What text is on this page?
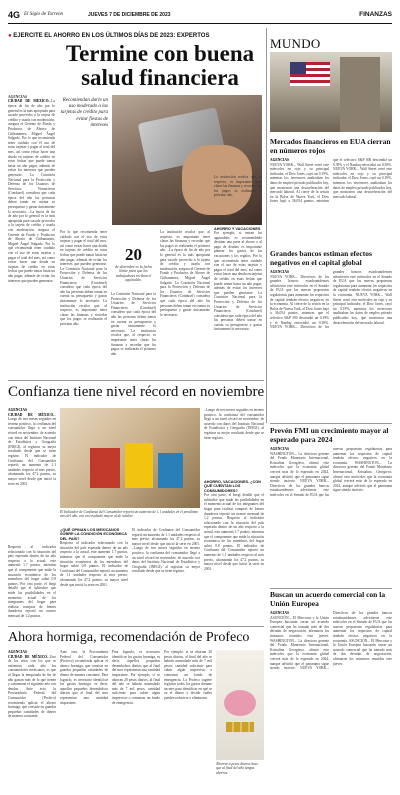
4G El Siglo de Torreón	JUEVES 7 DE DICIEMBRE DE 2023	FINANZAS
● EJERCITE EL AHORRO EN LOS ÚLTIMOS DÍAS DE 2023: EXPERTOS
Termine con buena salud financiera
AGENCIAS
CIUDAD DE MÉXICO.–La época de fin de año por lo general es la más apropiada para sacarle provecho a la tarjeta de crédito y usarla con moderación, asegura el Gerente de Fondo y Productos de Ahorro de Citibanamex, Miguel Ángel Salgado. Por lo que recomienda tener cuidado con el uso de estas tarjetas y pagar el total del mes, así como evitar hacer una deuda en tarjetas de crédito en estas fechas que puede tomar hasta un año pagar, además de evitar los intereses que pueden generarse. La Comisión Nacional para la Protección y Defensa de los Usuarios de Servicios Financieros (Condusef) considera que cada época del año las personas deben tomar en cuenta su presupuesto y gastar únicamente lo necesario. –La época de fin de año por lo general es la más apropiada para sacarle provecho a la tarjeta de crédito y usarla con moderación, asegura el Gerente de Fondo y Productos de Ahorro de Citibanamex, Miguel Ángel Salgado. Por lo que recomienda tener cuidado con el uso de estas tarjetas y pagar el total del mes, así como evitar hacer una deuda en tarjetas de crédito en estas fechas que puede tomar hasta un año pagar, además de evitar los intereses que pueden generarse.
Recomiendan darle un uso moderado a las tarjetas de crédito para evitar fiestas de intereses
Por lo que recomienda tener cuidado con el uso de estas tarjetas y pagar el total del mes, así como evitar hacer una deuda en tarjetas de crédito en estas fechas que puede tomar hasta un año pagar, además de evitar los intereses que pueden generarse. La Comisión Nacional para la Protección y Defensa de los Usuarios de Servicios Financieros (Condusef) considera que cada época del año las personas deben tomar en cuenta su presupuesto y gastar únicamente lo necesario. La institución recalca que, al respecto, es importante tener claras las finanzas y recordar que los pagos se realizarán el próximo año.
20
de diciembre es la fecha límite para que los trabajadores reciban el aguinaldo.
La Comisión Nacional para la Protección y Defensa de los Usuarios de Servicios Financieros (Condusef) considera que cada época del año las personas deben tomar en cuenta su presupuesto y gastar únicamente lo necesario. La institución recalca que, al respecto, es importante tener claras las finanzas y recordar que los pagos se realizarán el próximo año.
La institución recalca que, al respecto, es importante tener claras las finanzas y recordar que los pagos se realizarán el próximo año. –La época de fin de año por lo general es la más apropiada para sacarle provecho a la tarjeta de crédito y usarla con moderación, asegura el Gerente de Fondo y Productos de Ahorro de Citibanamex, Miguel Ángel Salgado. La Comisión Nacional para la Protección y Defensa de los Usuarios de Servicios Financieros (Condusef) considera que cada época del año las personas deben tomar en cuenta su presupuesto y gastar únicamente lo necesario.
La institución recalca que, al respecto, es importante tener claras las finanzas y recordar que los pagos se realizarán el próximo año.
AHORRO Y VACACIONES
Por ejemplo, si entran los aguinaldos, es recomendable destinar una parte al ahorro o al pago de deudas; es importante planear los gastos de las vacaciones y los regalos. Por lo que recomienda tener cuidado con el uso de estas tarjetas y pagar el total del mes, así como evitar hacer una deuda en tarjetas de crédito en estas fechas que puede tomar hasta un año pagar, además de evitar los intereses que pueden generarse. La Comisión Nacional para la Protección y Defensa de los Usuarios de Servicios Financieros (Condusef) considera que cada época del año las personas deben tomar en cuenta su presupuesto y gastar únicamente lo necesario.
MUNDO
Mercados financieros en EUA cierran en números rojos
AGENCIAS
NUEVA YORK.– Wall Street cerró este miércoles en rojo y su principal indicador, el Dow Jones, cayó un 0.19%, mientras los inversores analizaban los datos de empleo privado publicados hoy, que mostraron una desaceleración del mercado laboral. Al cierre de la sesión en la Bolsa de Nueva York, el Dow Jones bajó a 36,054 puntos, mientras que el selectivo S&P 500 descendió un 0.39% y el Nasdaq retrocedió un 0.58%. NUEVA YORK.– Wall Street cerró este miércoles en rojo y su principal indicador, el Dow Jones, cayó un 0.19%, mientras los inversores analizaban los datos de empleo privado publicados hoy, que mostraron una desaceleración del mercado laboral.
Grandes bancos estiman efectos negativos en el capital global
AGENCIAS
NUEVA YORK.– Directivos de los grandes bancos estadounidenses advirtieron este miércoles en el Senado de EUA que las nuevas propuestas regulatorias para aumentar los requisitos de capital tendrán efectos negativos en la economía. Al cierre de la sesión en la Bolsa de Nueva York, el Dow Jones bajó a 36,054 puntos, mientras que el selectivo S&P 500 descendió un 0.39% y el Nasdaq retrocedió un 0.58%. NUEVA YORK.– Directivos de los grandes bancos estadounidenses advirtieron este miércoles en el Senado de EUA que las nuevas propuestas regulatorias para aumentar los requisitos de capital tendrán efectos negativos en la economía. NUEVA YORK.– Wall Street cerró este miércoles en rojo y su principal indicador, el Dow Jones, cayó un 0.19%, mientras los inversores analizaban los datos de empleo privado publicados hoy, que mostraron una desaceleración del mercado laboral.
Confianza tiene nivel récord en noviembre
AGENCIAS
CIUDAD DE MÉXICO.–Luego de tres meses seguidos en terreno positivo, la confianza del consumidor llegó a un nivel récord en noviembre, de acuerdo con datos del Instituto Nacional de Estadística y Geografía (INEGI), al registrar su mejor resultado desde que se tiene registro. El indicador de Confianza del Consumidor reportó un aumento de 1.1 unidades respecto al mes previo, alcanzando los 47.2 puntos, su mayor nivel desde que inició la serie en 2001.
El Indicador de Confianza del Consumidor reportó un aumento de 1.1 unidades en el penúltimo mes del año, con un resultado mayor al de octubre.
¿QUÉ OPINAN LOS MEXICANOS SOBRE LA CONDICIÓN ECONÓMICA DEL PAÍS?
Respecto al indicador relacionado con la situación del país esperada dentro de un año respecto a la actual, este aumentó 1.7 puntos, mientras que el componente que mide la situación económica de los miembros del hogar subió 0.8 puntos. El indicador de Confianza del Consumidor reportó un aumento de 1.1 unidades respecto al mes previo, alcanzando los 47.2 puntos, su mayor nivel desde que inició la serie en 2001.
El indicador de Confianza del Consumidor reportó un aumento de 1.1 unidades respecto al mes previo, alcanzando los 47.2 puntos, su mayor nivel desde que inició la serie en 2001. –Luego de tres meses seguidos en terreno positivo, la confianza del consumidor llegó a un nivel récord en noviembre, de acuerdo con datos del Instituto Nacional de Estadística y Geografía (INEGI), al registrar su mejor resultado desde que se tiene registro.
–Luego de tres meses seguidos en terreno positivo, la confianza del consumidor llegó a un nivel récord en noviembre, de acuerdo con datos del Instituto Nacional de Estadística y Geografía (INEGI), al registrar su mejor resultado desde que se tiene registro.
AHORRO, VACACIONES. ¿CON QUÉ CUENTAN LOS CONSUMIDORES?
Por otra parte, el Inegi detalló que el subíndice que mide las posibilidades en el momento actual de los integrantes del hogar para realizar compras de bienes duraderos reportó un avance mensual de 1.2 puntos. Respecto al indicador relacionado con la situación del país esperada dentro de un año respecto a la actual, este aumentó 1.7 puntos, mientras que el componente que mide la situación económica de los miembros del hogar subió 0.8 puntos. El indicador de Confianza del Consumidor reportó un aumento de 1.1 unidades respecto al mes previo, alcanzando los 47.2 puntos, su mayor nivel desde que inició la serie en 2001.
Respecto al indicador relacionado con la situación del país esperada dentro de un año respecto a la actual, este aumentó 1.7 puntos, mientras que el componente que mide la situación económica de los miembros del hogar subió 0.8 puntos. Por otra parte, el Inegi detalló que el subíndice que mide las posibilidades en el momento actual de los integrantes del hogar para realizar compras de bienes duraderos reportó un avance mensual de 1.2 puntos.
Prevén FMI un crecimiento mayor al esperado para 2024
AGENCIAS
WASHINGTON.– La directora gerente del Fondo Monetario Internacional, Kristalina Georgieva, afirmó este miércoles que la economía global crecerá más de lo esperado en 2024, aunque advirtió que el panorama sigue siendo incierto. NUEVA YORK.– Directivos de los grandes bancos estadounidenses advirtieron este miércoles en el Senado de EUA que las nuevas propuestas regulatorias para aumentar los requisitos de capital tendrán efectos negativos en la economía. WASHINGTON.– La directora gerente del Fondo Monetario Internacional, Kristalina Georgieva, afirmó este miércoles que la economía global crecerá más de lo esperado en 2024, aunque advirtió que el panorama sigue siendo incierto.
Buscan un acuerdo comercial con la Unión Europea
AGENCIAS
ASUNCIÓN.– El Mercosur y la Unión Europea buscarán cerrar un acuerdo comercial que ha tomado más de dos décadas de negociación, afirmaron los ministros reunidos este jueves. WASHINGTON.– La directora gerente del Fondo Monetario Internacional, Kristalina Georgieva, afirmó este miércoles que la economía global crecerá más de lo esperado en 2024, aunque advirtió que el panorama sigue siendo incierto. NUEVA YORK.– Directivos de los grandes bancos estadounidenses advirtieron este miércoles en el Senado de EUA que las nuevas propuestas regulatorias para aumentar los requisitos de capital tendrán efectos negativos en la economía. ASUNCIÓN.– El Mercosur y la Unión Europea buscarán cerrar un acuerdo comercial que ha tomado más de dos décadas de negociación, afirmaron los ministros reunidos este jueves.
Ahora hormiga, recomendación de Profeco
AGENCIAS
CIUDAD DE MÉXICO.–Uno de los retos con los que se enfrentan cada año los consumidores mexicanos, es que al llegar la temporada de fin de año gastan más de lo que tienen y comienzan el siguiente año con deudas. Ante esto, la Procuraduría Federal del Consumidor (Profeco) recomienda aplicar el ahorro hormiga, que consiste en guardar pequeñas cantidades de dinero de manera constante.
Ante esto, la Procuraduría Federal del Consumidor (Profeco) recomienda aplicar el ahorro hormiga, que consiste en guardar pequeñas cantidades de dinero de manera constante. Para lograrlo, es necesario identificar los gastos hormiga, es decir, aquellos pequeños desembolsos diarios que al final del mes representan una cantidad importante.
Para lograrlo, es necesario identificar los gastos hormiga, es decir, aquellos pequeños desembolsos diarios que al final del mes representan una cantidad importante. Por ejemplo, si se ahorran 20 pesos diarios, al final del año se habrán acumulado más de 7 mil pesos, cantidad suficiente para cubrir algún imprevisto o comenzar un fondo de emergencia.
Por ejemplo, si se ahorran 20 pesos diarios, al final del año se habrán acumulado más de 7 mil pesos, cantidad suficiente para cubrir algún imprevisto o comenzar un fondo de emergencia. La Profeco sugiere registrar todos los gastos durante un mes para identificar en qué se va el dinero y decidir cuáles pueden reducirse o eliminarse.
Ahorrar a pesos diarios hace que al final del año tengas ahorros.
